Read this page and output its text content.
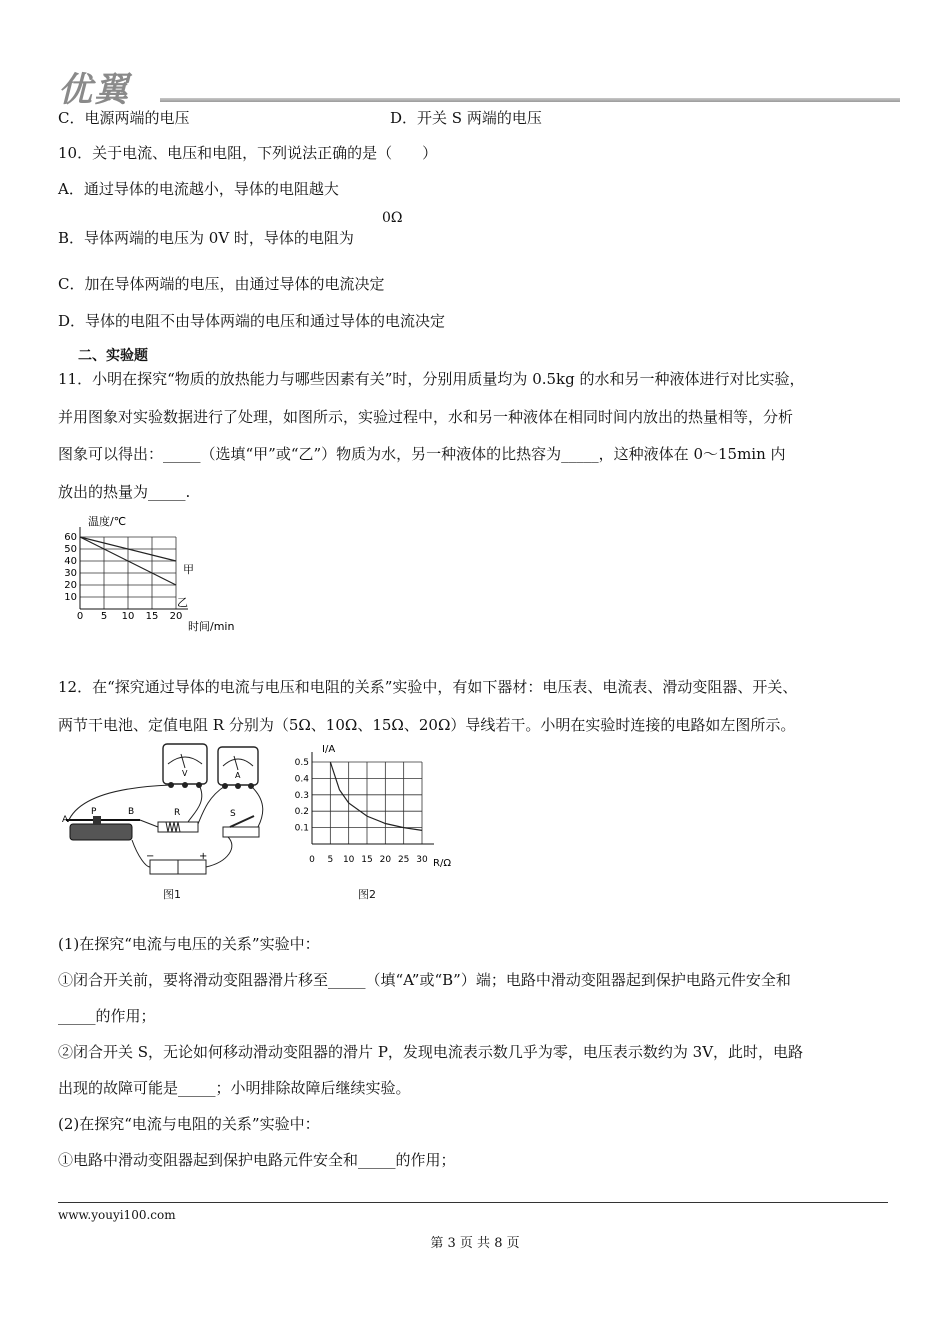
优翼
C．电源两端的电压	D．开关 S 两端的电压
10．关于电流、电压和电阻，下列说法正确的是（　　）
A．通过导体的电流越小，导体的电阻越大
B．导体两端的电压为 0V 时，导体的电阻为
0Ω
C．加在导体两端的电压，由通过导体的电流决定
D．导体的电阻不由导体两端的电压和通过导体的电流决定
二、实验题
11．小明在探究“物质的放热能力与哪些因素有关”时，分别用质量均为 0.5kg 的水和另一种液体进行对比实验，
并用图象对实验数据进行了处理，如图所示，实验过程中，水和另一种液体在相同时间内放出的热量相等，分析
图象可以得出：_____（选填“甲”或“乙”）物质为水，另一种液体的比热容为_____，这种液体在 0～15min 内
放出的热量为_____.
0 5 10 15 20
10
20
30
40
50
60
温度/℃
时间/min
甲
乙
12．在“探究通过导体的电流与电压和电阻的关系”实验中，有如下器材：电压表、电流表、滑动变阻器、开关、
两节干电池、定值电阻 R 分别为（5Ω、10Ω、15Ω、20Ω）导线若干。小明在实验时连接的电路如左图所示。
V	A
A
P	B	R	S
−	+
图1
0 5 10 15 20 25 30
0.1
0.2
0.3
0.4
0.5
I/A
R/Ω
图2
(1)在探究“电流与电压的关系”实验中：
①闭合开关前，要将滑动变阻器滑片移至_____（填“A”或“B”）端；电路中滑动变阻器起到保护电路元件安全和
_____的作用；
②闭合开关 S，无论如何移动滑动变阻器的滑片 P，发现电流表示数几乎为零，电压表示数约为 3V，此时，电路
出现的故障可能是_____；小明排除故障后继续实验。
(2)在探究“电流与电阻的关系”实验中：
①电路中滑动变阻器起到保护电路元件安全和_____的作用；
www.youyi100.com
第 3 页 共 8 页
